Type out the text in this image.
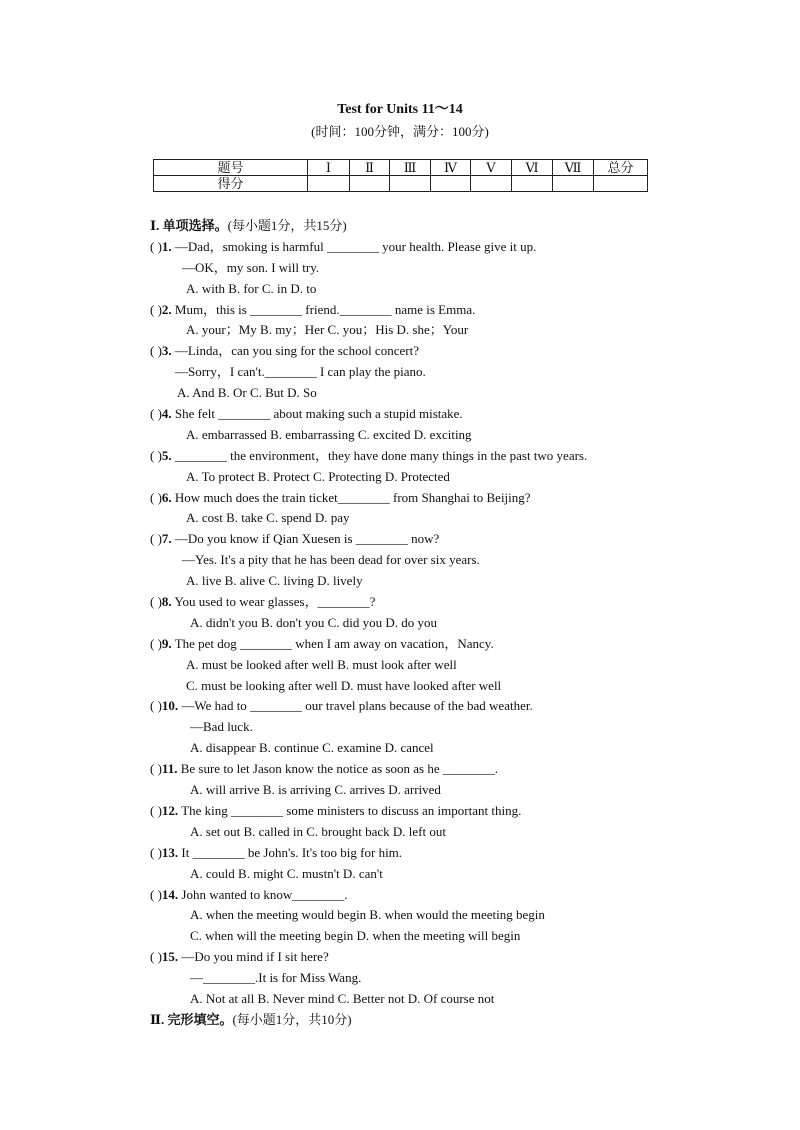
Test for Units 11～14
(时间：100分钟，满分：100分)
题号	Ⅰ	Ⅱ	Ⅲ	Ⅳ	Ⅴ	Ⅵ	Ⅶ	总分
得分								
Ⅰ. 单项选择。(每小题1分，共15分)
( )1. —Dad，smoking is harmful ________ your health. Please give it up.
—OK，my son. I will try.
A. with B. for C. in D. to
( )2. Mum，this is ________ friend.________ name is Emma.
A. your；My B. my；Her C. you；His D. she；Your
( )3. —Linda，can you sing for the school concert?
—Sorry，I can't.________ I can play the piano.
A. And B. Or C. But D. So
( )4. She felt ________ about making such a stupid mistake.
A. embarrassed B. embarrassing C. excited D. exciting
( )5. ________ the environment，they have done many things in the past two years.
A. To protect B. Protect C. Protecting D. Protected
( )6. How much does the train ticket________ from Shanghai to Beijing?
A. cost B. take C. spend D. pay
( )7. —Do you know if Qian Xuesen is ________ now?
—Yes. It's a pity that he has been dead for over six years.
A. live B. alive C. living D. lively
( )8. You used to wear glasses，________?
A. didn't you B. don't you C. did you D. do you
( )9. The pet dog ________ when I am away on vacation，Nancy.
A. must be looked after well B. must look after well
C. must be looking after well D. must have looked after well
( )10. —We had to ________ our travel plans because of the bad weather.
—Bad luck.
A. disappear B. continue C. examine D. cancel
( )11. Be sure to let Jason know the notice as soon as he ________.
A. will arrive B. is arriving C. arrives D. arrived
( )12. The king ________ some ministers to discuss an important thing.
A. set out B. called in C. brought back D. left out
( )13. It ________ be John's. It's too big for him.
A. could B. might C. mustn't D. can't
( )14. John wanted to know________.
A. when the meeting would begin B. when would the meeting begin
C. when will the meeting begin D. when the meeting will begin
( )15. —Do you mind if I sit here?
—________.It is for Miss Wang.
A. Not at all B. Never mind C. Better not D. Of course not
Ⅱ. 完形填空。(每小题1分，共10分)
